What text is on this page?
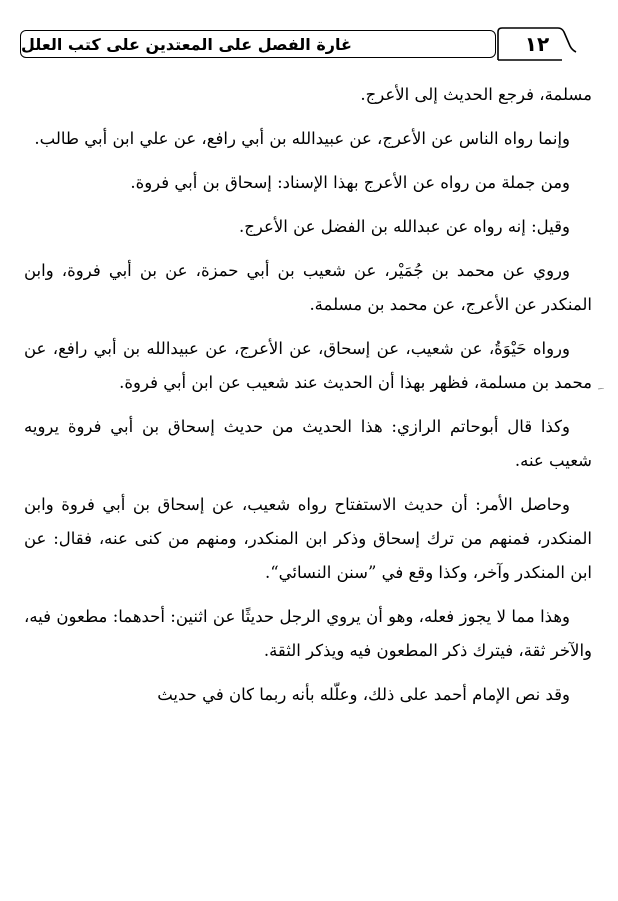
غارة الفصل على المعتدين على كتب العلل	١٢

مسلمة، فرجع الحديث إلى الأعرج.

وإنما رواه الناس عن الأعرج، عن عبيدالله بن أبي رافع، عن علي ابن أبي طالب.

ومن جملة من رواه عن الأعرج بهذا الإسناد: إسحاق بن أبي فروة.

وقيل: إنه رواه عن عبدالله بن الفضل عن الأعرج.

وروي عن محمد بن جُمَيْر، عن شعيب بن أبي حمزة، عن بن أبي فروة، وابن المنكدر عن الأعرج، عن محمد بن مسلمة.

ورواه حَيْوَةُ، عن شعيب، عن إسحاق، عن الأعرج، عن عبيدالله بن أبي رافع، عن محمد بن مسلمة، فظهر بهذا أن الحديث عند شعيب عن ابن أبي فروة.

وكذا قال أبوحاتم الرازي: هذا الحديث من حديث إسحاق بن أبي فروة يرويه شعيب عنه.

وحاصل الأمر: أن حديث الاستفتاح رواه شعيب، عن إسحاق بن أبي فروة وابن المنكدر، فمنهم من ترك إسحاق وذكر ابن المنكدر، ومنهم من كنى عنه، فقال: عن ابن المنكدر وآخر، وكذا وقع في ”سنن النسائي“.

وهذا مما لا يجوز فعله، وهو أن يروي الرجل حديثًا عن اثنين: أحدهما: مطعون فيه، والآخر ثقة، فيترك ذكر المطعون فيه ويذكر الثقة.

وقد نص الإمام أحمد على ذلك، وعلّله بأنه ربما كان في حديث
